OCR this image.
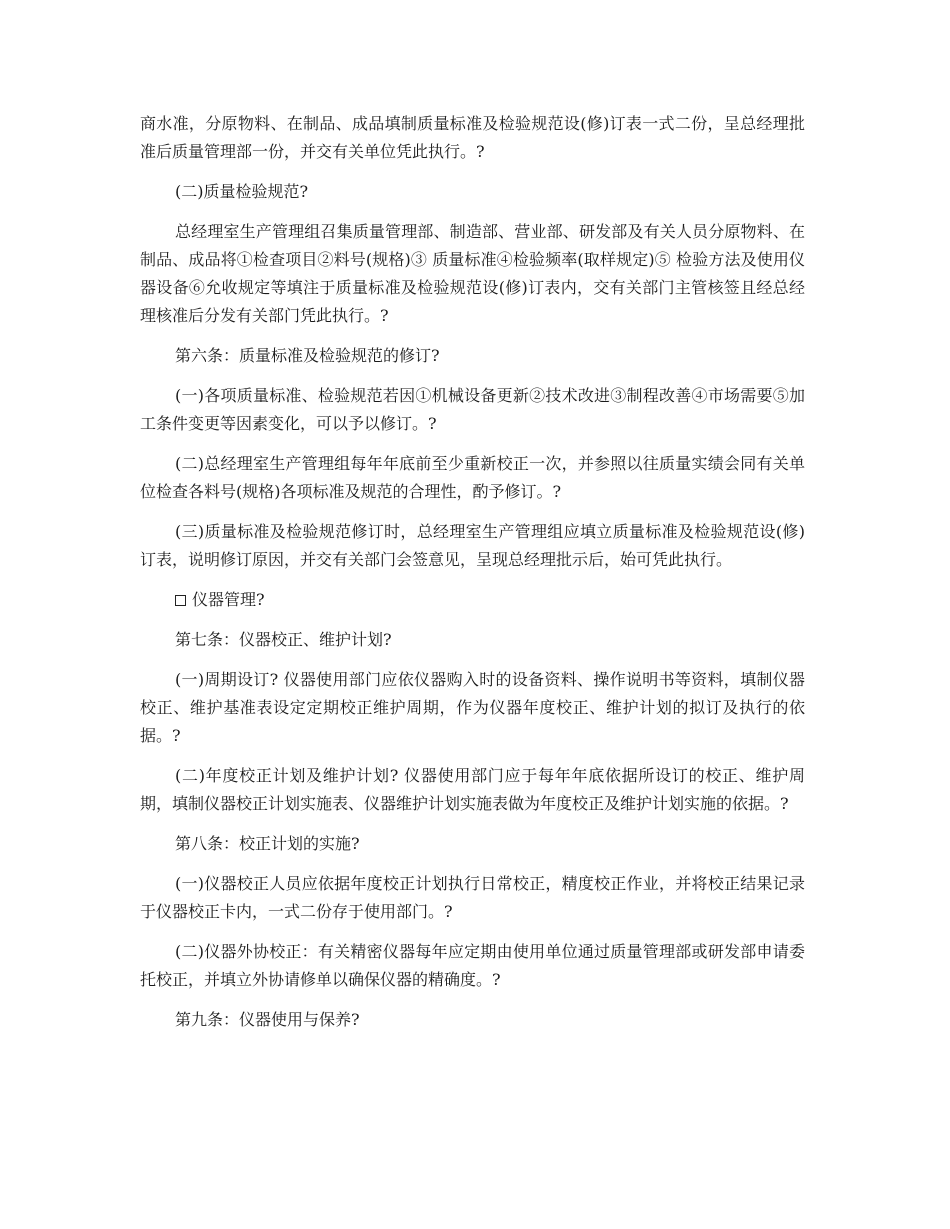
商水准，分原物料、在制品、成品填制质量标准及检验规范设(修)订表一式二份，呈总经理批准后质量管理部一份，并交有关单位凭此执行。?

(二)质量检验规范?

总经理室生产管理组召集质量管理部、制造部、营业部、研发部及有关人员分原物料、在制品、成品将①检查项目②料号(规格)③ 质量标准④检验频率(取样规定)⑤ 检验方法及使用仪器设备⑥允收规定等填注于质量标准及检验规范设(修)订表内，交有关部门主管核签且经总经理核准后分发有关部门凭此执行。?

第六条：质量标准及检验规范的修订?

(一)各项质量标准、检验规范若因①机械设备更新②技术改进③制程改善④市场需要⑤加工条件变更等因素变化，可以予以修订。?

(二)总经理室生产管理组每年年底前至少重新校正一次，并参照以往质量实绩会同有关单位检查各料号(规格)各项标准及规范的合理性，酌予修订。?

(三)质量标准及检验规范修订时，总经理室生产管理组应填立质量标准及检验规范设(修)订表，说明修订原因，并交有关部门会签意见，呈现总经理批示后，始可凭此执行。

仪器管理?

第七条：仪器校正、维护计划?

(一)周期设订? 仪器使用部门应依仪器购入时的设备资料、操作说明书等资料，填制仪器校正、维护基准表设定定期校正维护周期，作为仪器年度校正、维护计划的拟订及执行的依据。?

(二)年度校正计划及维护计划? 仪器使用部门应于每年年底依据所设订的校正、维护周期，填制仪器校正计划实施表、仪器维护计划实施表做为年度校正及维护计划实施的依据。?

第八条：校正计划的实施?

(一)仪器校正人员应依据年度校正计划执行日常校正，精度校正作业，并将校正结果记录于仪器校正卡内，一式二份存于使用部门。?

(二)仪器外协校正：有关精密仪器每年应定期由使用单位通过质量管理部或研发部申请委托校正，并填立外协请修单以确保仪器的精确度。?

第九条：仪器使用与保养?
